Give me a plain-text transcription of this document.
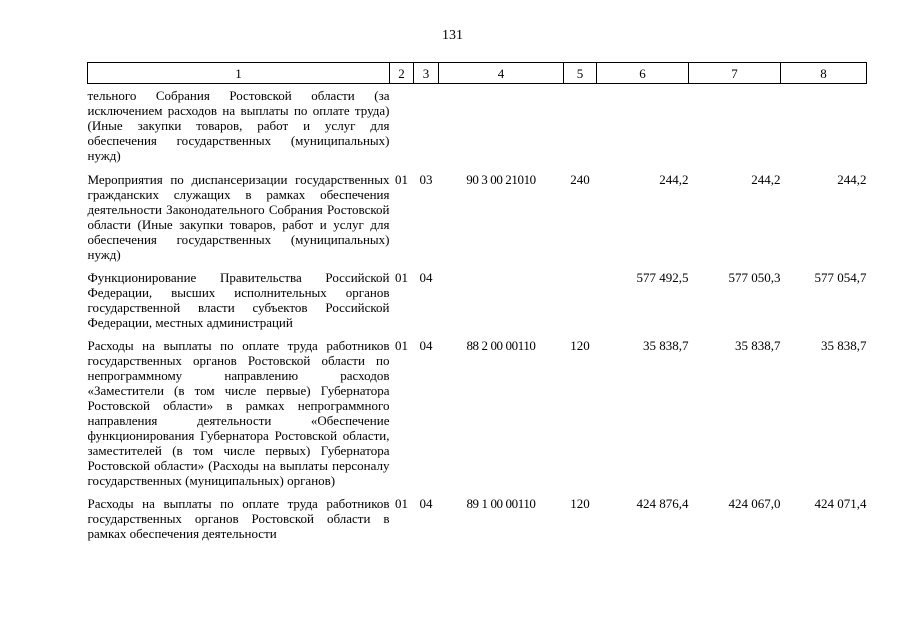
131
1	2	3	4	5	6	7	8
тельного Собрания Ростовской области (за исключением расходов на выплаты по оплате труда) (Иные закупки товаров, работ и услуг для обеспечения государственных (муниципальных) нужд)							
Мероприятия по диспансеризации государственных гражданских служащих в рамках обеспечения деятельности Законодательного Собрания Ростовской области (Иные закупки товаров, работ и услуг для обеспечения государственных (муниципальных) нужд)	01	03	90 3 00 21010	240	244,2	244,2	244,2
Функционирование Правительства Российской Федерации, высших исполнительных органов государственной власти субъектов Российской Федерации, местных администраций	01	04			577 492,5	577 050,3	577 054,7
Расходы на выплаты по оплате труда работников государственных органов Ростовской области по непрограммному направлению расходов «Заместители (в том числе первые) Губернатора Ростовской области» в рамках непрограммного направления деятельности «Обеспечение функционирования Губернатора Ростовской области, заместителей (в том числе первых) Губернатора Ростовской области» (Расходы на выплаты персоналу государственных (муниципальных) органов)	01	04	88 2 00 00110	120	35 838,7	35 838,7	35 838,7
Расходы на выплаты по оплате труда работников государственных органов Ростовской области в рамках обеспечения деятельности	01	04	89 1 00 00110	120	424 876,4	424 067,0	424 071,4
